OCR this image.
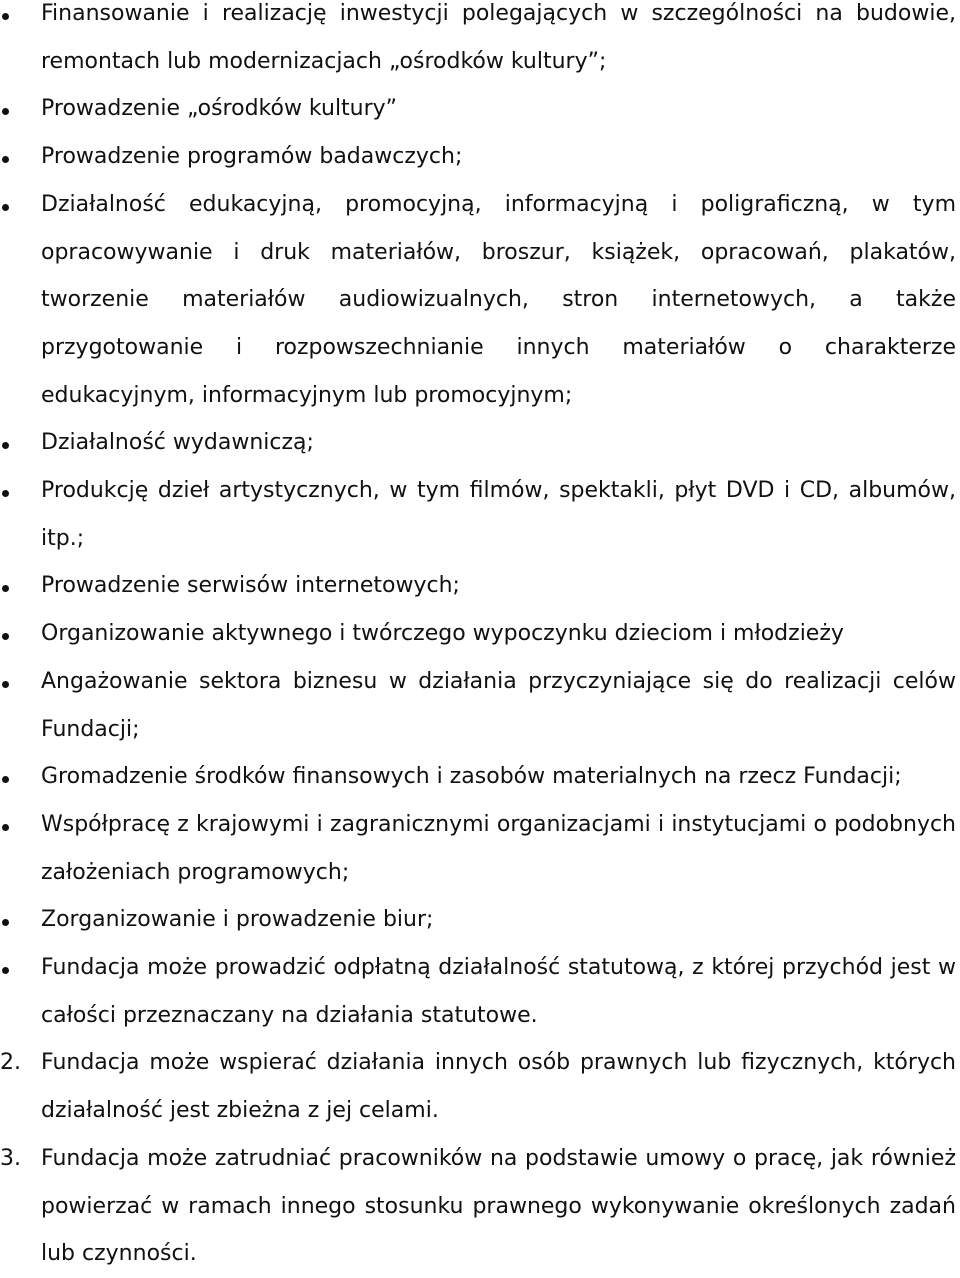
Finansowanie i realizację inwestycji polegających w szczególności na budowie, remontach lub modernizacjach „ośrodków kultury”;
Prowadzenie „ośrodków kultury”
Prowadzenie programów badawczych;
Działalność edukacyjną, promocyjną, informacyjną i poligraficzną, w tym opracowywanie i druk materiałów, broszur, książek, opracowań, plakatów, tworzenie materiałów audiowizualnych, stron internetowych, a także przygotowanie i rozpowszechnianie innych materiałów o charakterze edukacyjnym, informacyjnym lub promocyjnym;
Działalność wydawniczą;
Produkcję dzieł artystycznych, w tym filmów, spektakli, płyt DVD i CD, albumów, itp.;
Prowadzenie serwisów internetowych;
Organizowanie aktywnego i twórczego wypoczynku dzieciom i młodzieży
Angażowanie sektora biznesu w działania przyczyniające się do realizacji celów Fundacji;
Gromadzenie środków finansowych i zasobów materialnych na rzecz Fundacji;
Współpracę z krajowymi i zagranicznymi organizacjami i instytucjami o podobnych założeniach programowych;
Zorganizowanie i prowadzenie biur;
Fundacja może prowadzić odpłatną działalność statutową, z której przychód jest w całości przeznaczany na działania statutowe.
2. Fundacja może wspierać działania innych osób prawnych lub fizycznych, których działalność jest zbieżna z jej celami.
3. Fundacja może zatrudniać pracowników na podstawie umowy o pracę, jak również powierzać w ramach innego stosunku prawnego wykonywanie określonych zadań lub czynności.
